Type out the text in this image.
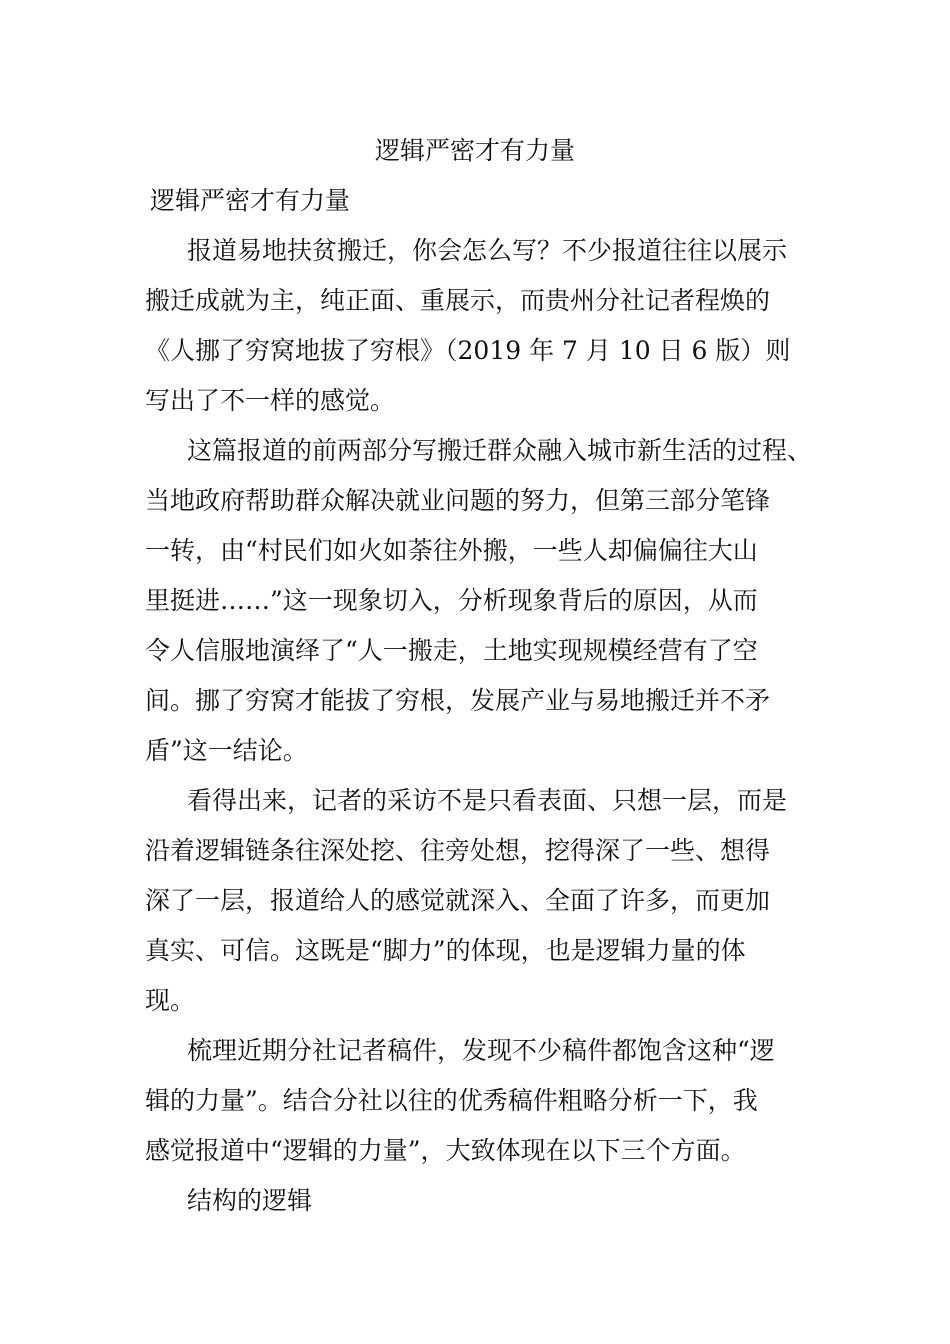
逻辑严密才有力量

逻辑严密才有力量

报道易地扶贫搬迁，你会怎么写？不少报道往往以展示

搬迁成就为主，纯正面、重展示，而贵州分社记者程焕的

《人挪了穷窝地拔了穷根》（2019 年 7 月 10 日 6 版）则

写出了不一样的感觉。

这篇报道的前两部分写搬迁群众融入城市新生活的过程、

当地政府帮助群众解决就业问题的努力，但第三部分笔锋

一转，由“村民们如火如荼往外搬，一些人却偏偏往大山

里挺进……”这一现象切入，分析现象背后的原因，从而

令人信服地演绎了“人一搬走，土地实现规模经营有了空

间。挪了穷窝才能拔了穷根，发展产业与易地搬迁并不矛

盾”这一结论。

看得出来，记者的采访不是只看表面、只想一层，而是

沿着逻辑链条往深处挖、往旁处想，挖得深了一些、想得

深了一层，报道给人的感觉就深入、全面了许多，而更加

真实、可信。这既是“脚力”的体现，也是逻辑力量的体

现。

梳理近期分社记者稿件，发现不少稿件都饱含这种“逻

辑的力量”。结合分社以往的优秀稿件粗略分析一下，我

感觉报道中“逻辑的力量”，大致体现在以下三个方面。

结构的逻辑
